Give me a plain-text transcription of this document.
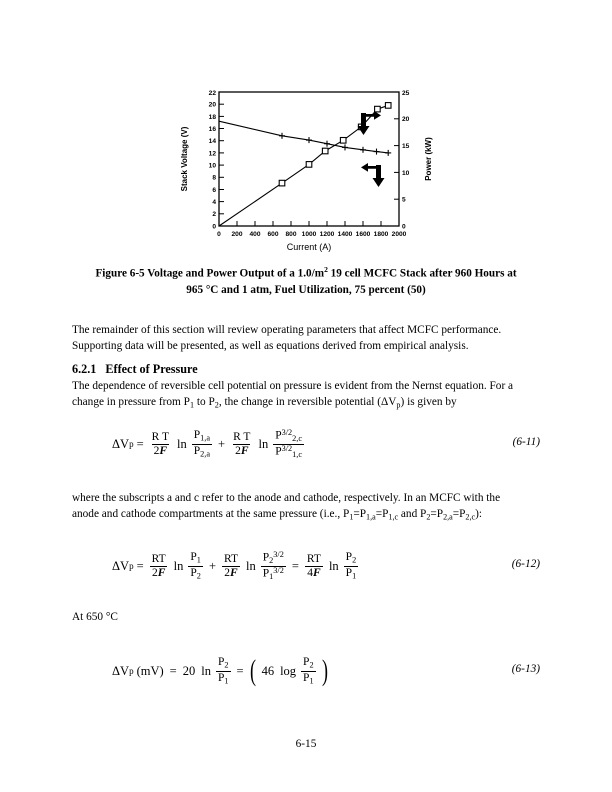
0
2
4
6
8
10
12
14
16
18
20
22
0
5
10
15
20
25
0 200 400 600 800 1000 1200 1400 1600 1800 2000
Current (A)
Stack Voltage (V)	Power (kW)
Figure 6-5 Voltage and Power Output of a $1.0/m^2$ 19 cell MCFC Stack after 960 Hours at
965 °C and 1 atm, Fuel Utilization, 75 percent (50)
The remainder of this section will review operating parameters that affect MCFC performance.
Supporting data will be presented, as well as equations derived from empirical analysis.
6.2.1 Effect of Pressure
The dependence of reversible cell potential on pressure is evident from the Nernst equation. For a
change in pressure from $P_1$ to $P_2$, the change in reversible potential $(\Delta V_p)$ is given by
ΔV $p = \frac{\text{R T}}{2F}$ $\ln \frac{P_{1,a}}{P_{2,a}} + \frac{\text{R T}}{2F}$ $\ln \frac{P^{3/2}_{2,c}}{P^{3/2}_{1,c}}$	(6-11)
where the subscripts a and c refer to the anode and cathode, respectively. In an MCFC with the
anode and cathode compartments at the same pressure (i.e., $P_1=P_{1,a}=P_{1,c}$ and $P_2=P_{2,a}=P_{2,c}$):
ΔV $p = \frac{RT}{2F}$ $\ln \frac{P_1}{P_2} + \frac{RT}{2F}$ $\ln \frac{P_2^{3/2}}{P_1^{3/2}} = \frac{RT}{4F}$ $\ln \frac{P_2}{P_1}$	(6-12)
At 650 °C
ΔV p (mV) = 20 $\ln \frac{P_2}{P_1}$ = ( 46 $\log \frac{P_2}{P_1}$ )	(6-13)
6-15
